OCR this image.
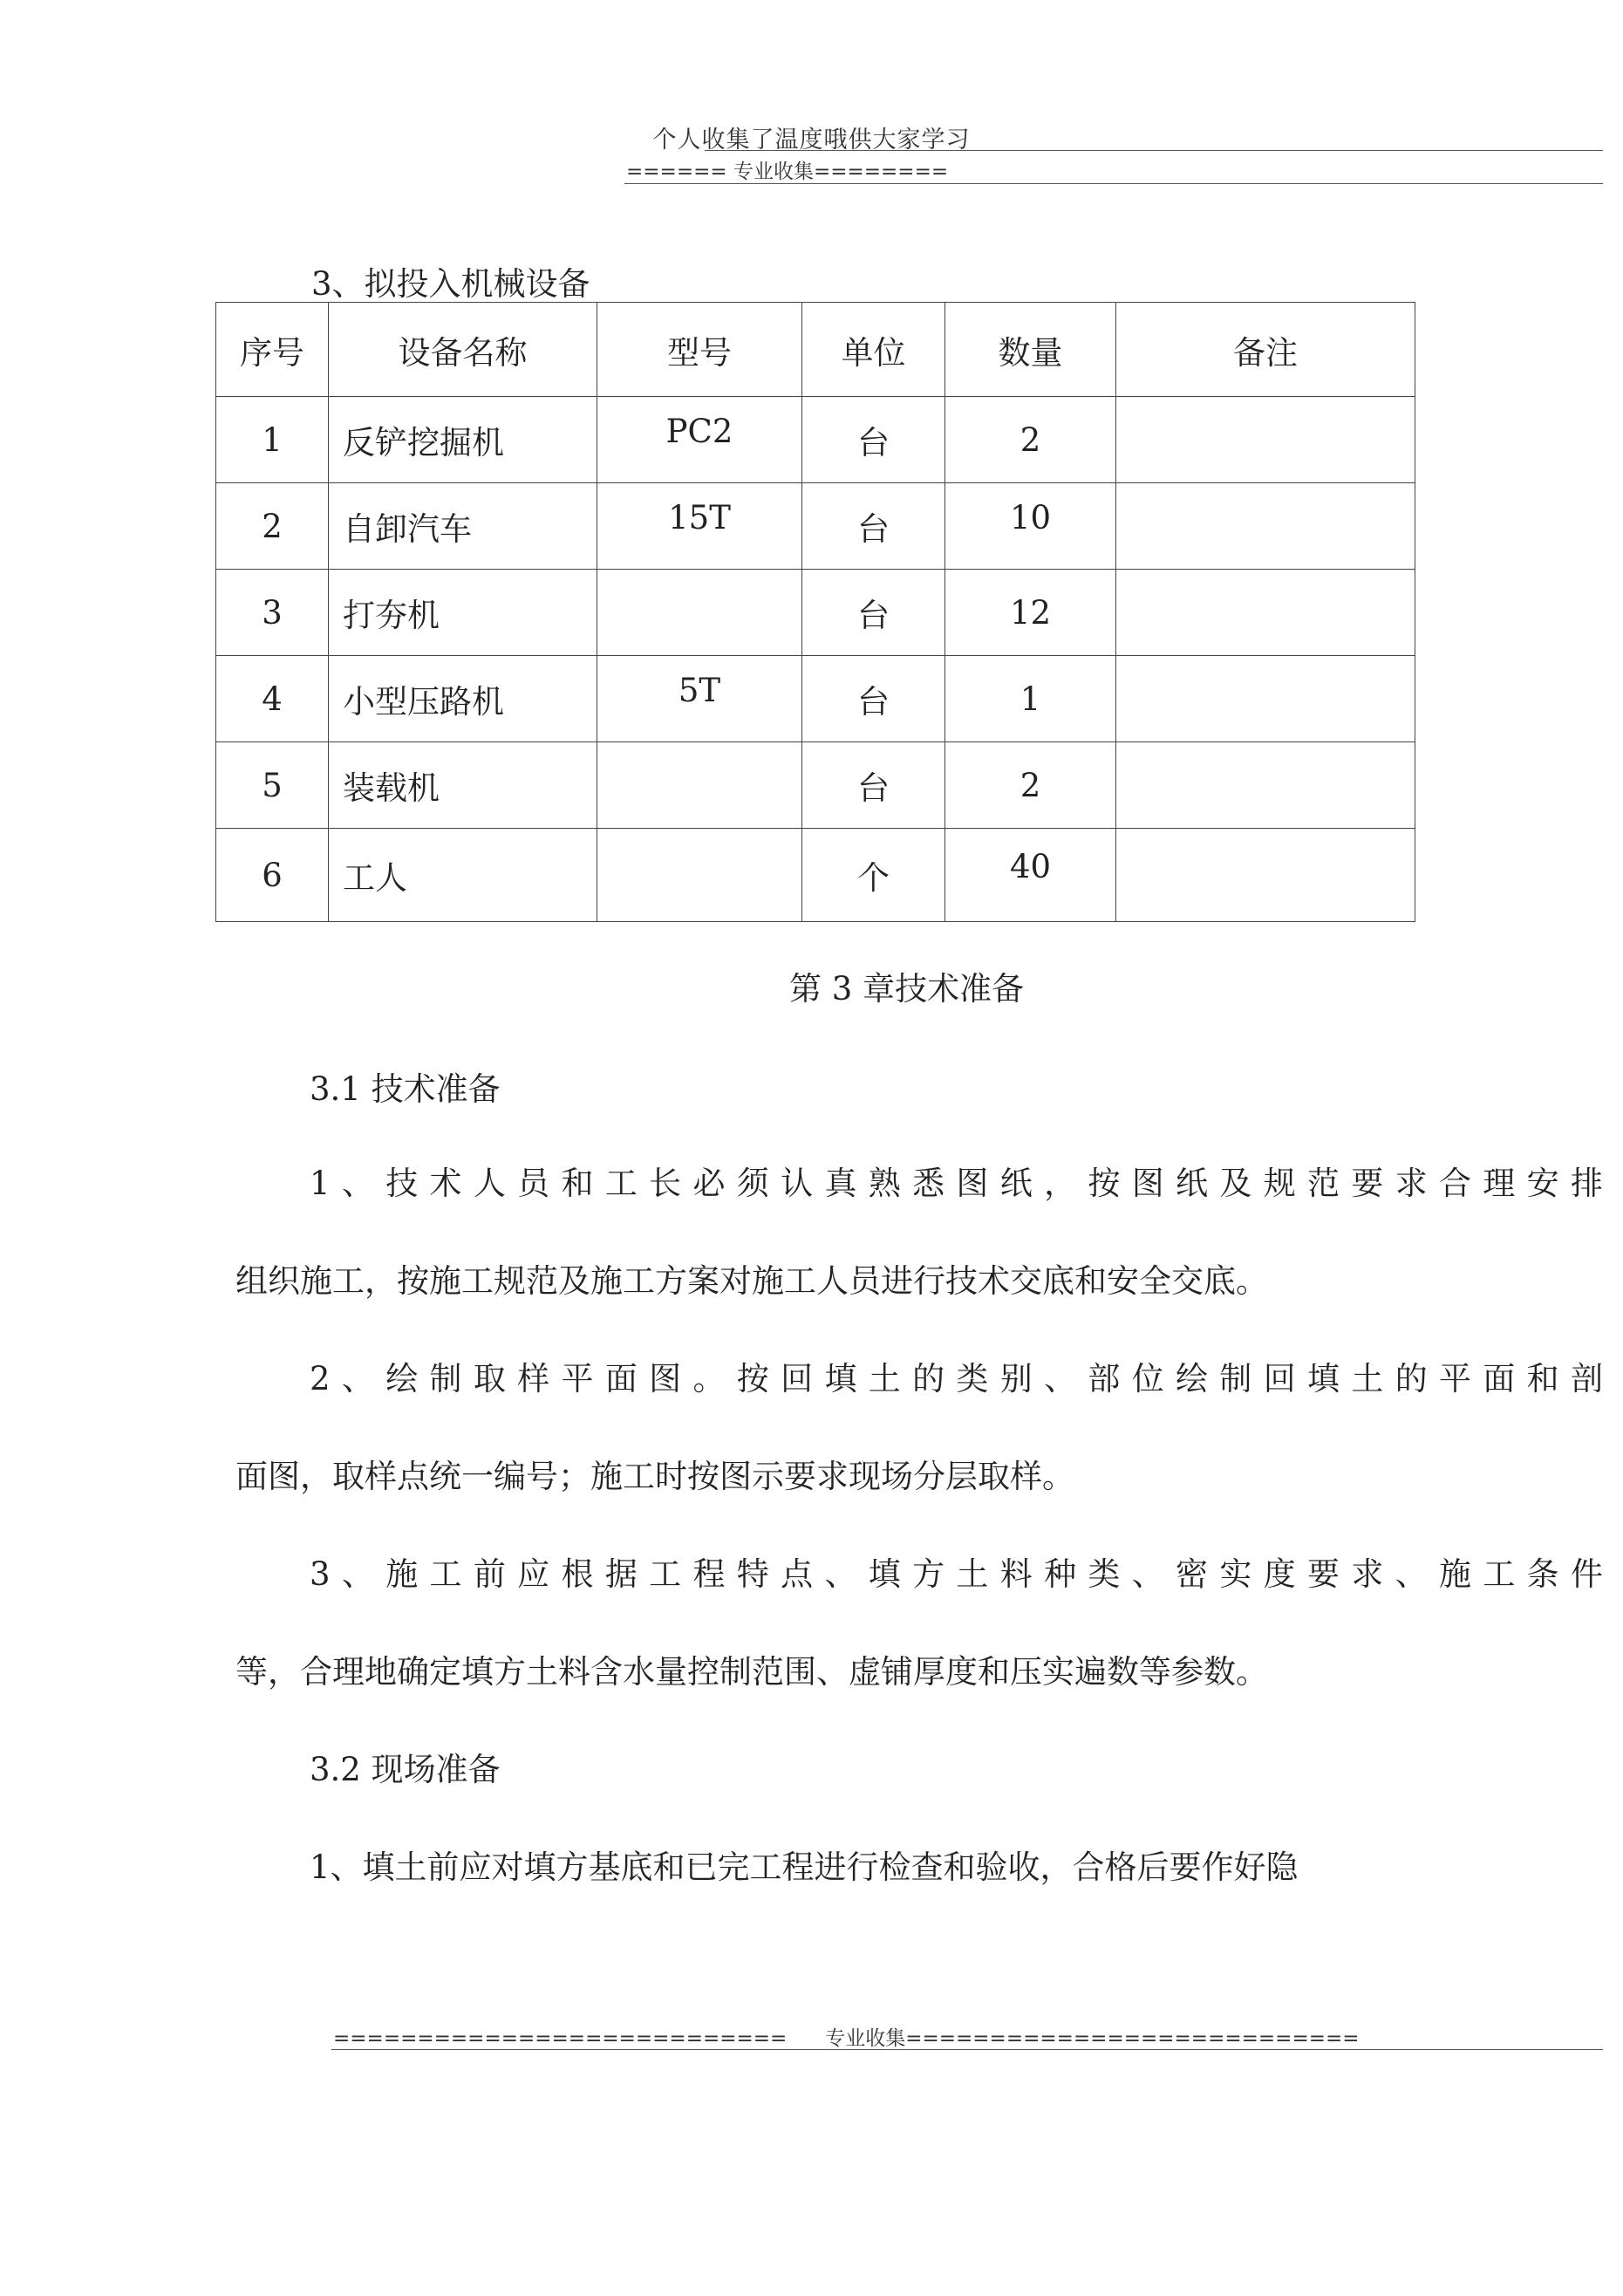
个人收集了温度哦供大家学习
====== 专业收集========
3、拟投入机械设备
序号	设备名称	型号	单位	数量	备注
1	反铲挖掘机	PC2	台	2	
2	自卸汽车	15T	台	10	
3	打夯机		台	12	
4	小型压路机	5T	台	1	
5	装载机		台	2	
6	工人		个	40	
第 3 章技术准备
3.1 技术准备
1、技术人员和工长必须认真熟悉图纸，按图纸及规范要求合理安排
组织施工，按施工规范及施工方案对施工人员进行技术交底和安全交底。
2、绘制取样平面图。按回填土的类别、部位绘制回填土的平面和剖
面图，取样点统一编号；施工时按图示要求现场分层取样。
3、施工前应根据工程特点、填方土料种类、密实度要求、施工条件
等，合理地确定填方土料含水量控制范围、虚铺厚度和压实遍数等参数。
3.2 现场准备
1、填土前应对填方基底和已完工程进行检查和验收，合格后要作好隐
===========================      专业收集===========================
